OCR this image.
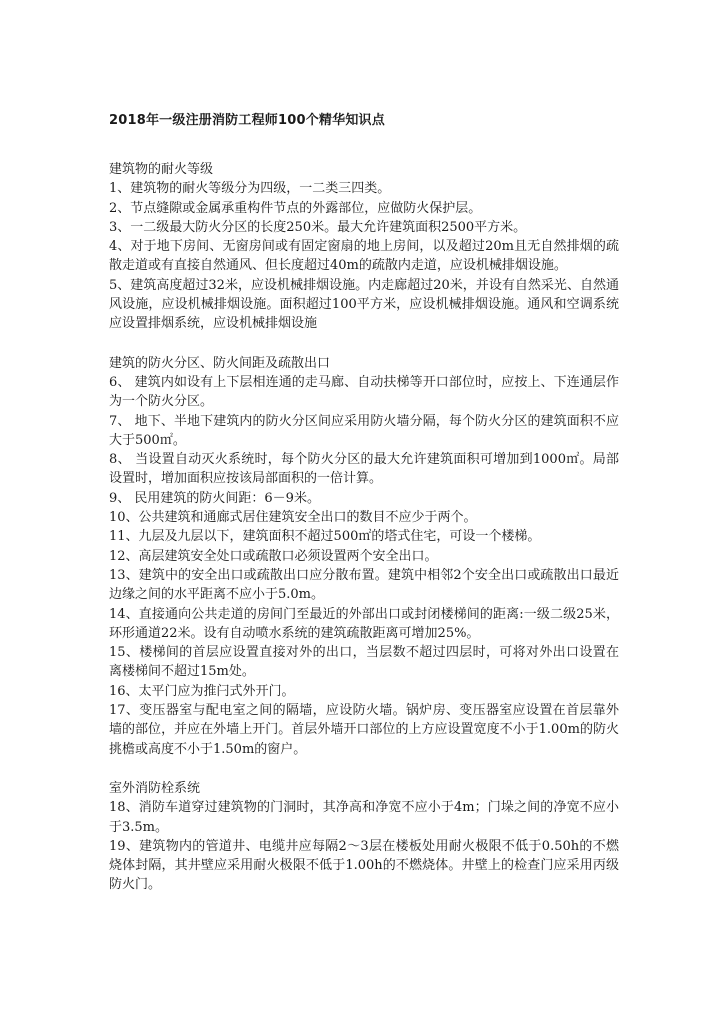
2018年一级注册消防工程师100个精华知识点
建筑物的耐火等级

1、建筑物的耐火等级分为四级，一二类三四类。

2、节点缝隙或金属承重构件节点的外露部位，应做防火保护层。

3、一二级最大防火分区的长度250米。最大允许建筑面积2500平方米。

4、对于地下房间、无窗房间或有固定窗扇的地上房间，以及超过20m且无自然排烟的疏散走道或有直接自然通风、但长度超过40m的疏散内走道，应设机械排烟设施。

5、建筑高度超过32米，应设机械排烟设施。内走廊超过20米，并设有自然采光、自然通风设施，应设机械排烟设施。面积超过100平方米，应设机械排烟设施。通风和空调系统应设置排烟系统，应设机械排烟设施

建筑的防火分区、防火间距及疏散出口

6、 建筑内如设有上下层相连通的走马廊、自动扶梯等开口部位时，应按上、下连通层作为一个防火分区。

7、 地下、半地下建筑内的防火分区间应采用防火墙分隔，每个防火分区的建筑面积不应大于500㎡。

8、 当设置自动灭火系统时，每个防火分区的最大允许建筑面积可增加到1000㎡。局部设置时，增加面积应按该局部面积的一倍计算。

9、 民用建筑的防火间距：6－9米。

10、公共建筑和通廊式居住建筑安全出口的数目不应少于两个。

11、九层及九层以下，建筑面积不超过500㎡的塔式住宅，可设一个楼梯。

12、高层建筑安全处口或疏散口必须设置两个安全出口。

13、建筑中的安全出口或疏散出口应分散布置。建筑中相邻2个安全出口或疏散出口最近边缘之间的水平距离不应小于5.0m。

14、直接通向公共走道的房间门至最近的外部出口或封闭楼梯间的距离:一级二级25米，环形通道22米。设有自动喷水系统的建筑疏散距离可增加25%。

15、楼梯间的首层应设置直接对外的出口，当层数不超过四层时，可将对外出口设置在离楼梯间不超过15m处。

16、太平门应为推闩式外开门。

17、变压器室与配电室之间的隔墙，应设防火墙。锅炉房、变压器室应设置在首层靠外墙的部位，并应在外墙上开门。首层外墙开口部位的上方应设置宽度不小于1.00m的防火挑檐或高度不小于1.50m的窗户。

室外消防栓系统

18、消防车道穿过建筑物的门洞时，其净高和净宽不应小于4m；门垛之间的净宽不应小于3.5m。

19、建筑物内的管道井、电缆井应每隔2～3层在楼板处用耐火极限不低于0.50h的不燃烧体封隔，其井壁应采用耐火极限不低于1.00h的不燃烧体。井壁上的检查门应采用丙级防火门。
